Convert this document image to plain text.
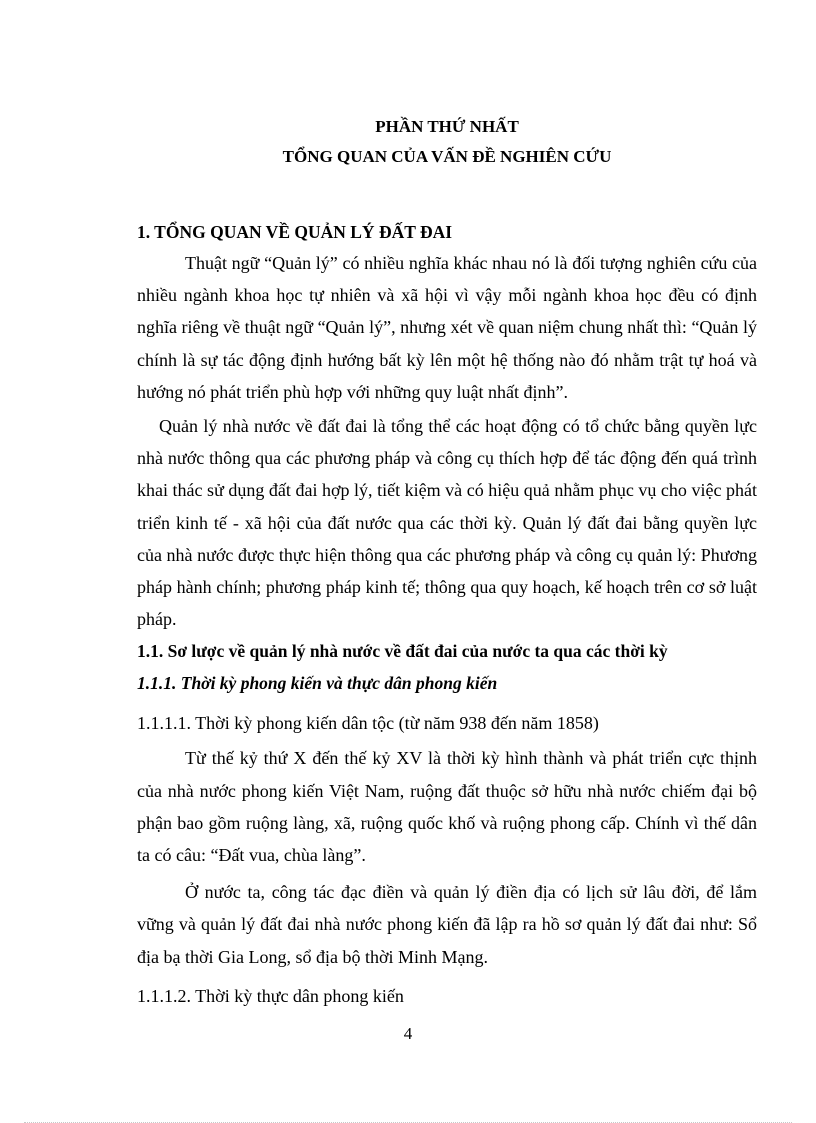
PHẦN THỨ NHẤT

TỔNG QUAN CỦA VẤN ĐỀ NGHIÊN CỨU

1. TỔNG QUAN VỀ QUẢN LÝ ĐẤT ĐAI

Thuật ngữ “Quản lý” có nhiều nghĩa khác nhau nó là đối tượng nghiên cứu của nhiều ngành khoa học tự nhiên và xã hội vì vậy mỗi ngành khoa học đều có định nghĩa riêng về thuật ngữ “Quản lý”, nhưng xét về quan niệm chung nhất thì: “Quản lý chính là sự tác động định hướng bất kỳ lên một hệ thống nào đó nhằm trật tự hoá và hướng nó phát triển phù hợp với những quy luật nhất định”.

Quản lý nhà nước về đất đai là tổng thể các hoạt động có tổ chức bằng quyền lực nhà nước thông qua các phương pháp và công cụ thích hợp để tác động đến quá trình khai thác sử dụng đất đai hợp lý, tiết kiệm và có hiệu quả nhằm phục vụ cho việc phát triển kinh tế - xã hội của đất nước qua các thời kỳ. Quản lý đất đai bằng quyền lực của nhà nước được thực hiện thông qua các phương pháp và công cụ quản lý: Phương pháp hành chính; phương pháp kinh tế; thông qua quy hoạch, kế hoạch trên cơ sở luật pháp.

1.1. Sơ lược về quản lý nhà nước về đất đai của nước ta qua các thời kỳ

1.1.1. Thời kỳ phong kiến và thực dân phong kiến

1.1.1.1. Thời kỳ phong kiến dân tộc (từ năm 938 đến năm 1858)

Từ thế kỷ thứ X đến thế kỷ XV là thời kỳ hình thành và phát triển cực thịnh của nhà nước phong kiến Việt Nam, ruộng đất thuộc sở hữu nhà nước chiếm đại bộ phận bao gồm ruộng làng, xã, ruộng quốc khố và ruộng phong cấp. Chính vì thế dân ta có câu: “Đất vua, chùa làng”.

Ở nước ta, công tác đạc điền và quản lý điền địa có lịch sử lâu đời, để lắm vững và quản lý đất đai nhà nước phong kiến đã lập ra hồ sơ quản lý đất đai như: Sổ địa bạ thời Gia Long, sổ địa bộ thời Minh Mạng.

1.1.1.2. Thời kỳ thực dân phong kiến

4
